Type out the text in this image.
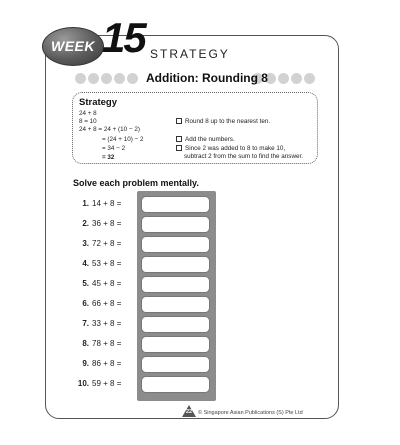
WEEK 15 STRATEGY
Addition: Rounding 8
Strategy
24 + 8
8 = 10
24 + 8 = 24 + (10 − 2)
= (24 + 10) − 2
= 34 − 2
= 32
Round 8 up to the nearest ten.
Add the numbers.
Since 2 was added to 8 to make 10,
subtract 2 from the sum to find the answer.
Solve each problem mentally.
1. 14 + 8 =
2. 36 + 8 =
3. 72 + 8 =
4. 53 + 8 =
5. 45 + 8 =
6. 66 + 8 =
7. 33 + 8 =
8. 78 + 8 =
9. 86 + 8 =
10. 59 + 8 =
22	© Singapore Asian Publications (S) Pte Ltd
